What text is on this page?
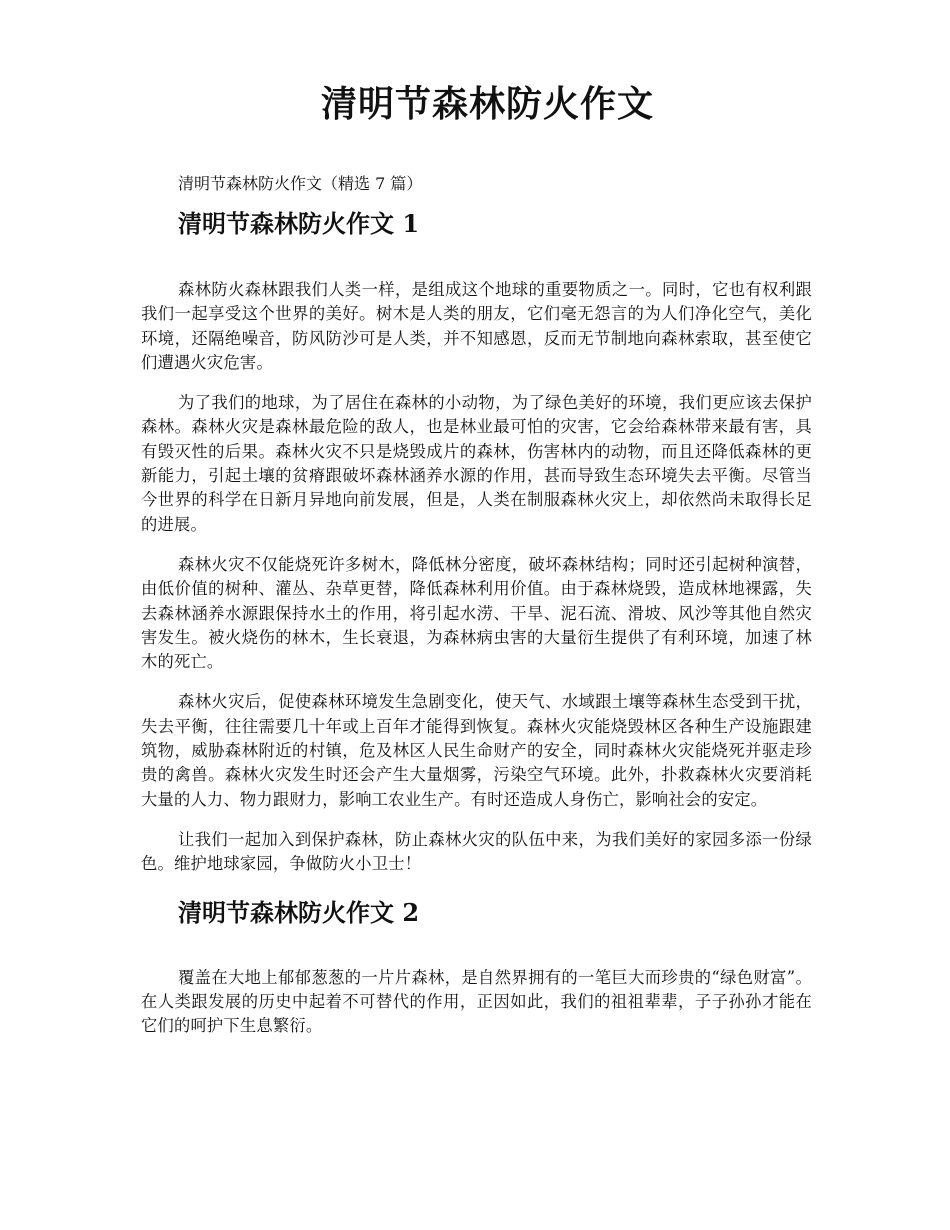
清明节森林防火作文
清明节森林防火作文（精选 7 篇）
清明节森林防火作文 1

森林防火森林跟我们人类一样，是组成这个地球的重要物质之一。同时，它也有权利跟我们一起享受这个世界的美好。树木是人类的朋友，它们毫无怨言的为人们净化空气，美化环境，还隔绝噪音，防风防沙可是人类，并不知感恩，反而无节制地向森林索取，甚至使它们遭遇火灾危害。

为了我们的地球，为了居住在森林的小动物，为了绿色美好的环境，我们更应该去保护森林。森林火灾是森林最危险的敌人，也是林业最可怕的灾害，它会给森林带来最有害，具有毁灭性的后果。森林火灾不只是烧毁成片的森林，伤害林内的动物，而且还降低森林的更新能力，引起土壤的贫瘠跟破坏森林涵养水源的作用，甚而导致生态环境失去平衡。尽管当今世界的科学在日新月异地向前发展，但是，人类在制服森林火灾上，却依然尚未取得长足的进展。

森林火灾不仅能烧死许多树木，降低林分密度，破坏森林结构；同时还引起树种演替，由低价值的树种、灌丛、杂草更替，降低森林利用价值。由于森林烧毁，造成林地裸露，失去森林涵养水源跟保持水土的作用，将引起水涝、干旱、泥石流、滑坡、风沙等其他自然灾害发生。被火烧伤的林木，生长衰退，为森林病虫害的大量衍生提供了有利环境，加速了林木的死亡。

森林火灾后，促使森林环境发生急剧变化，使天气、水域跟土壤等森林生态受到干扰，失去平衡，往往需要几十年或上百年才能得到恢复。森林火灾能烧毁林区各种生产设施跟建筑物，威胁森林附近的村镇，危及林区人民生命财产的安全，同时森林火灾能烧死并驱走珍贵的禽兽。森林火灾发生时还会产生大量烟雾，污染空气环境。此外，扑救森林火灾要消耗大量的人力、物力跟财力，影响工农业生产。有时还造成人身伤亡，影响社会的安定。

让我们一起加入到保护森林，防止森林火灾的队伍中来，为我们美好的家园多添一份绿色。维护地球家园，争做防火小卫士！

清明节森林防火作文 2

覆盖在大地上郁郁葱葱的一片片森林，是自然界拥有的一笔巨大而珍贵的“绿色财富”。在人类跟发展的历史中起着不可替代的作用，正因如此，我们的祖祖辈辈，子子孙孙才能在它们的呵护下生息繁衍。
